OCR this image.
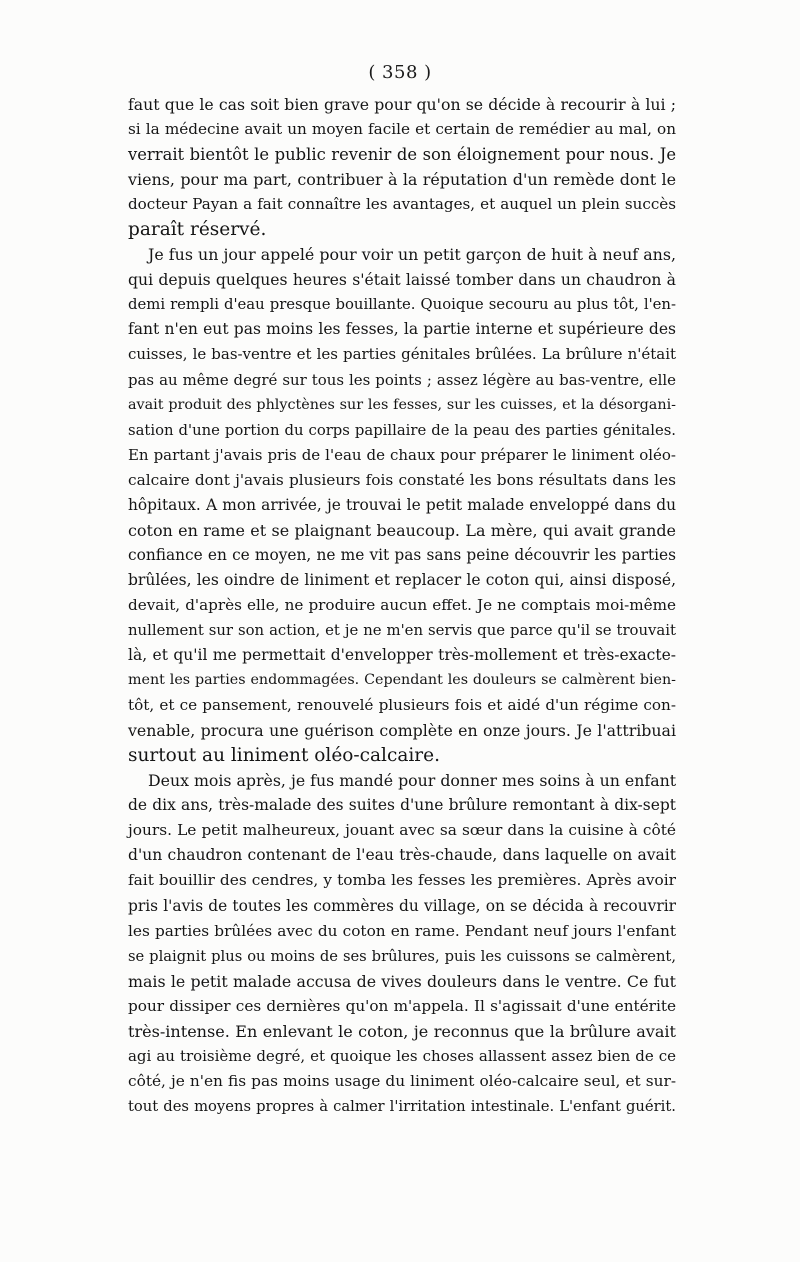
( 358 )
faut que le cas soit bien grave pour qu'on se décide à recourir à lui ;
si la médecine avait un moyen facile et certain de remédier au mal, on
verrait bientôt le public revenir de son éloignement pour nous. Je
viens, pour ma part, contribuer à la réputation d'un remède dont le
docteur Payan a fait connaître les avantages, et auquel un plein succès
paraît réservé.
Je fus un jour appelé pour voir un petit garçon de huit à neuf ans,
qui depuis quelques heures s'était laissé tomber dans un chaudron à
demi rempli d'eau presque bouillante. Quoique secouru au plus tôt, l'en-
fant n'en eut pas moins les fesses, la partie interne et supérieure des
cuisses, le bas-ventre et les parties génitales brûlées. La brûlure n'était
pas au même degré sur tous les points ; assez légère au bas-ventre, elle
avait produit des phlyctènes sur les fesses, sur les cuisses, et la désorgani-
sation d'une portion du corps papillaire de la peau des parties génitales.
En partant j'avais pris de l'eau de chaux pour préparer le liniment oléo-
calcaire dont j'avais plusieurs fois constaté les bons résultats dans les
hôpitaux. A mon arrivée, je trouvai le petit malade enveloppé dans du
coton en rame et se plaignant beaucoup. La mère, qui avait grande
confiance en ce moyen, ne me vit pas sans peine découvrir les parties
brûlées, les oindre de liniment et replacer le coton qui, ainsi disposé,
devait, d'après elle, ne produire aucun effet. Je ne comptais moi-même
nullement sur son action, et je ne m'en servis que parce qu'il se trouvait
là, et qu'il me permettait d'envelopper très-mollement et très-exacte-
ment les parties endommagées. Cependant les douleurs se calmèrent bien-
tôt, et ce pansement, renouvelé plusieurs fois et aidé d'un régime con-
venable, procura une guérison complète en onze jours. Je l'attribuai
surtout au liniment oléo-calcaire.
Deux mois après, je fus mandé pour donner mes soins à un enfant
de dix ans, très-malade des suites d'une brûlure remontant à dix-sept
jours. Le petit malheureux, jouant avec sa sœur dans la cuisine à côté
d'un chaudron contenant de l'eau très-chaude, dans laquelle on avait
fait bouillir des cendres, y tomba les fesses les premières. Après avoir
pris l'avis de toutes les commères du village, on se décida à recouvrir
les parties brûlées avec du coton en rame. Pendant neuf jours l'enfant
se plaignit plus ou moins de ses brûlures, puis les cuissons se calmèrent,
mais le petit malade accusa de vives douleurs dans le ventre. Ce fut
pour dissiper ces dernières qu'on m'appela. Il s'agissait d'une entérite
très-intense. En enlevant le coton, je reconnus que la brûlure avait
agi au troisième degré, et quoique les choses allassent assez bien de ce
côté, je n'en fis pas moins usage du liniment oléo-calcaire seul, et sur-
tout des moyens propres à calmer l'irritation intestinale. L'enfant guérit.
